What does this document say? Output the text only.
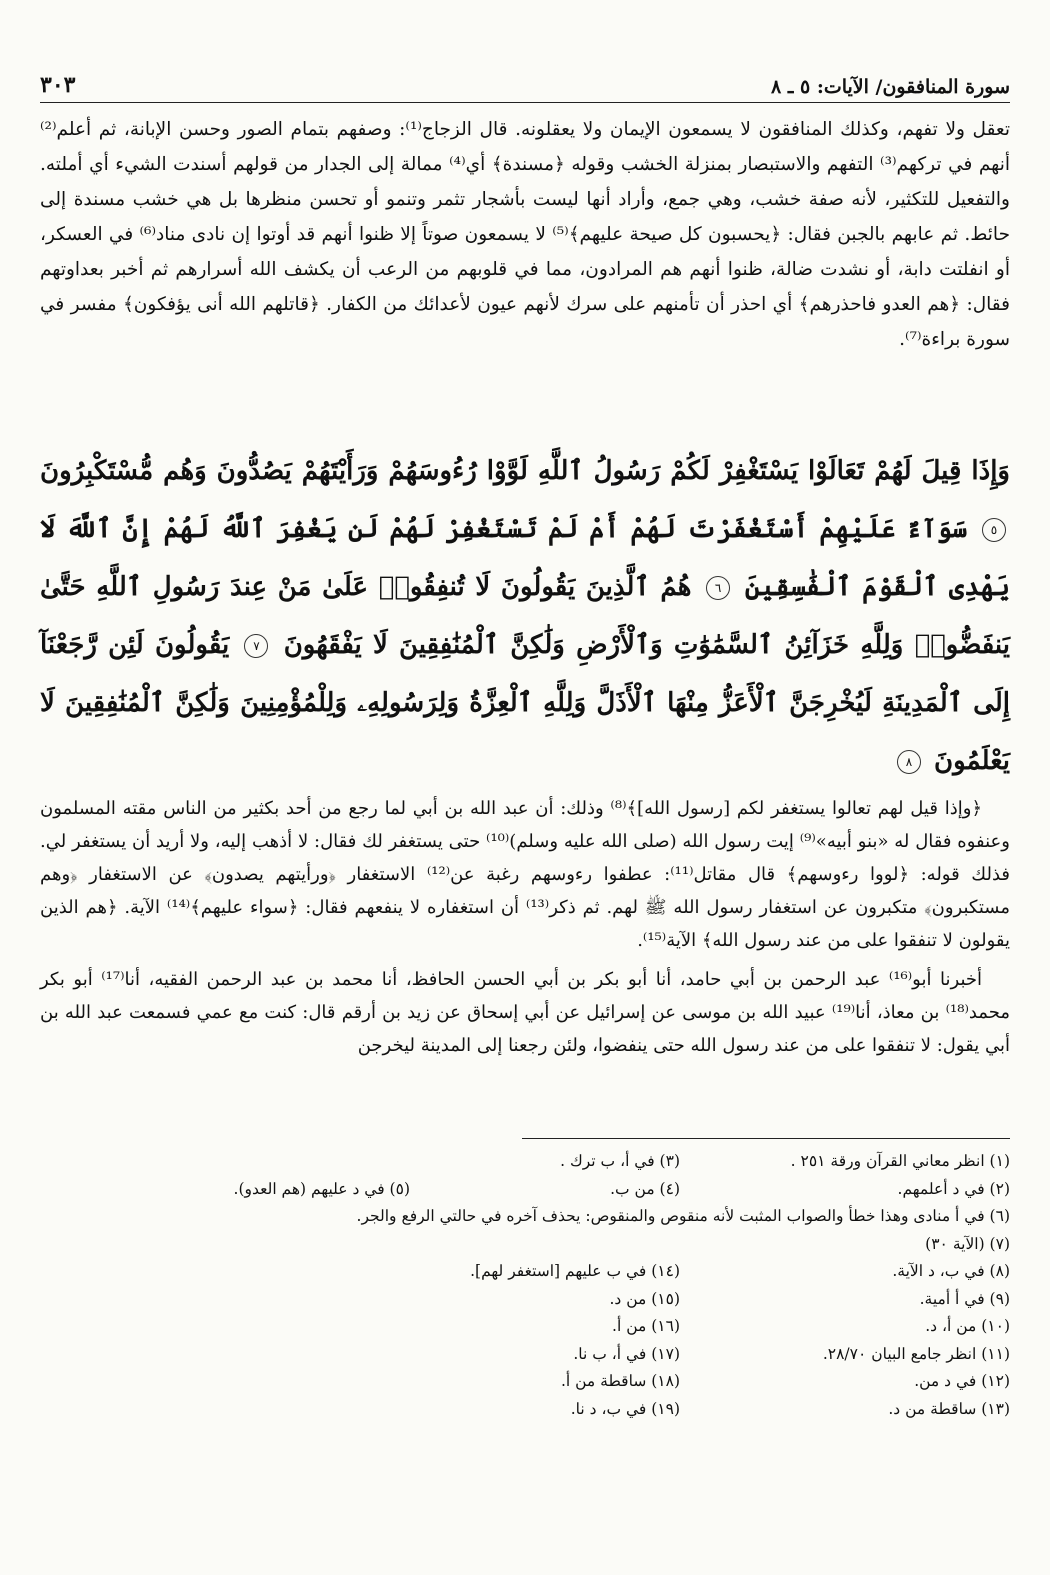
سورة المنافقون/ الآيات: ٥ ـ ٨
٣٠٣

تعقل ولا تفهم، وكذلك المنافقون لا يسمعون الإيمان ولا يعقلونه. قال الزجاج⁽¹⁾: وصفهم بتمام الصور وحسن الإبانة، ثم أعلم⁽²⁾ أنهم في تركهم⁽³⁾ التفهم والاستبصار بمنزلة الخشب وقوله ﴿مسندة﴾ أي⁽⁴⁾ ممالة إلى الجدار من قولهم أسندت الشيء أي أملته. والتفعيل للتكثير، لأنه صفة خشب، وهي جمع، وأراد أنها ليست بأشجار تثمر وتنمو أو تحسن منظرها بل هي خشب مسندة إلى حائط. ثم عابهم بالجبن فقال: ﴿يحسبون كل صيحة عليهم﴾⁽⁵⁾ لا يسمعون صوتاً إلا ظنوا أنهم قد أوتوا إن نادى مناد⁽⁶⁾ في العسكر، أو انفلتت دابة، أو نشدت ضالة، ظنوا أنهم هم المرادون، مما في قلوبهم من الرعب أن يكشف الله أسرارهم ثم أخبر بعداوتهم فقال: ﴿هم العدو فاحذرهم﴾ أي احذر أن تأمنهم على سرك لأنهم عيون لأعدائك من الكفار. ﴿قاتلهم الله أنى يؤفكون﴾ مفسر في سورة براءة⁽⁷⁾.

وَإِذَا قِيلَ لَهُمْ تَعَالَوْا يَسْتَغْفِرْ لَكُمْ رَسُولُ ٱللَّهِ لَوَّوْا رُءُوسَهُمْ وَرَأَيْتَهُمْ يَصُدُّونَ وَهُم مُّسْتَكْبِرُونَ ٥ سَوَآءٌ عَلَيْهِمْ أَسْتَغْفَرْتَ لَهُمْ أَمْ لَمْ تَسْتَغْفِرْ لَهُمْ لَن يَغْفِرَ ٱللَّهُ لَهُمْ إِنَّ ٱللَّهَ لَا يَهْدِى ٱلْقَوْمَ ٱلْفَٰسِقِينَ ٦ هُمُ ٱلَّذِينَ يَقُولُونَ لَا تُنفِقُوا۟ عَلَىٰ مَنْ عِندَ رَسُولِ ٱللَّهِ حَتَّىٰ يَنفَضُّوا۟ وَلِلَّهِ خَزَآئِنُ ٱلسَّمَٰوَٰتِ وَٱلْأَرْضِ وَلَٰكِنَّ ٱلْمُنَٰفِقِينَ لَا يَفْقَهُونَ ٧ يَقُولُونَ لَئِن رَّجَعْنَآ إِلَى ٱلْمَدِينَةِ لَيُخْرِجَنَّ ٱلْأَعَزُّ مِنْهَا ٱلْأَذَلَّ وَلِلَّهِ ٱلْعِزَّةُ وَلِرَسُولِهِۦ وَلِلْمُؤْمِنِينَ وَلَٰكِنَّ ٱلْمُنَٰفِقِينَ لَا يَعْلَمُونَ ٨

﴿وإذا قيل لهم تعالوا يستغفر لكم [رسول الله]﴾⁽⁸⁾ وذلك: أن عبد الله بن أبي لما رجع من أحد بكثير من الناس مقته المسلمون وعنفوه فقال له «بنو أبيه»⁽⁹⁾ إيت رسول الله (صلى الله عليه وسلم)⁽¹⁰⁾ حتى يستغفر لك فقال: لا أذهب إليه، ولا أريد أن يستغفر لي. فذلك قوله: ﴿لووا رءوسهم﴾ قال مقاتل⁽¹¹⁾: عطفوا رءوسهم رغبة عن⁽¹²⁾ الاستغفار ﴿ورأيتهم يصدون﴾ عن الاستغفار ﴿وهم مستكبرون﴾ متكبرون عن استغفار رسول الله ﷺ لهم. ثم ذكر⁽¹³⁾ أن استغفاره لا ينفعهم فقال: ﴿سواء عليهم﴾⁽¹⁴⁾ الآية. ﴿هم الذين يقولون لا تنفقوا على من عند رسول الله﴾ الآية⁽¹⁵⁾.

أخبرنا أبو⁽¹⁶⁾ عبد الرحمن بن أبي حامد، أنا أبو بكر بن أبي الحسن الحافظ، أنا محمد بن عبد الرحمن الفقيه، أنا⁽¹⁷⁾ أبو بكر محمد⁽¹⁸⁾ بن معاذ، أنا⁽¹⁹⁾ عبيد الله بن موسى عن إسرائيل عن أبي إسحاق عن زيد بن أرقم قال: كنت مع عمي فسمعت عبد الله بن أبي يقول: لا تنفقوا على من عند رسول الله حتى ينفضوا، ولئن رجعنا إلى المدينة ليخرجن

(١) انظر معاني القرآن ورقة ٢٥١ .
(٣) في أ، ب ترك .
(٢) في د أعلمهم.
(٤) من ب.
(٥) في د عليهم (هم العدو).
(٦) في أ منادى وهذا خطأ والصواب المثبت لأنه منقوص والمنقوص: يحذف آخره في حالتي الرفع والجر.
(٧) (الآية ٣٠)
(٨) في ب، د الآية.
(١٤) في ب عليهم [استغفر لهم].
(٩) في أ أمية.
(١٥) من د.
(١٠) من أ، د.
(١٦) من أ.
(١١) انظر جامع البيان ٢٨/٧٠.
(١٧) في أ، ب نا.
(١٢) في د من.
(١٨) ساقطة من أ.
(١٣) ساقطة من د.
(١٩) في ب، د نا.
